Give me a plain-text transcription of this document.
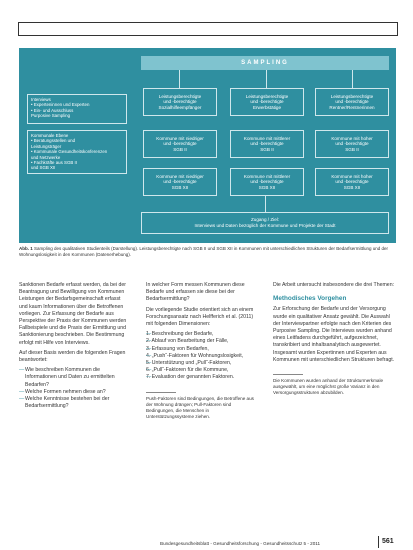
SAMPLING
Interviews
• Experteninnen und Experten
• Ein- und Ausschluss
Purposive Sampling
Kommunale Ebene
• Beratungsstellen und
Leistungsträger
• Kommunale Gesundheitskonferenzen
und Netzwerke
• Fachkräfte aus SGB II
und SGB XII
Leistungsberechtigte
und -berechtigte
Sozialhilfeempfänger
Leistungsberechtigte
und -berechtigte
Erwerbstätige
Leistungsberechtigte
und -berechtigte
Rentner/Rentnerinnen
Kommune mit niedriger
und -berechtigte
SGB II
Kommune mit mittlerer
und -berechtigte
SGB II
Kommune mit hoher
und -berechtigte
SGB II
Kommune mit niedriger
und -berechtigte
SGB XII
Kommune mit mittlerer
und -berechtigte
SGB XII
Kommune mit hoher
und -berechtigte
SGB XII
Zugang / Ziel:
Interviews und Daten bezüglich der Kommune und Projekte der Stadt
Abb. 1 Sampling des qualitativen Studienteils (Darstellung). Leistungsberechtigte nach SGB II und SGB XII in Kommunen mit unterschiedlichen Strukturen der Bedarfsermittlung und der Wohnungslosigkeit in den Kommunen (Datenerhebung).

Sanktionen Bedarfe erfasst werden, da bei der Beantragung und Bewilligung von Kommunen Leistungen der Bedarfsgemeinschaft erfasst und kaum Informationen über die Betroffenen vorliegen. Zur Erfassung der Bedarfe aus Perspektive der Praxis der Kommunen werden Fallbeispiele und die Praxis der Ermittlung und Sanktionierung beschrieben. Die Bestimmung erfolgt mit Hilfe von Interviews.

Auf dieser Basis werden die folgenden Fragen beantwortet:

— Wie beschreiben Kommunen die Informationen und Daten zu ermittelten Bedarfen?
— Welche Formen nehmen diese an?
— Welche Kenntnisse bestehen bei der Bedarfsermittlung?

In welcher Form messen Kommunen diese Bedarfe und erfassen sie diese bei der Bedarfsermittlung?

Die vorliegende Studie orientiert sich an einem Forschungsansatz nach Helfferich et al. (2011) mit folgenden Dimensionen:

— 1. Beschreibung der Bedarfe,
— 2. Ablauf von Bearbeitung der Fälle,
— 3. Erfassung von Bedarfen,
— 4. „Push“-Faktoren für Wohnungslosigkeit,
— 5. Unterstützung und „Pull“-Faktoren,
— 6. „Pull“-Faktoren für die Kommune,
— 7. Evaluation der genannten Faktoren.

Push-Faktoren sind Bedingungen, die Betroffene aus der Wohnung drängen; Pull-Faktoren sind Bedingungen, die Menschen in Unterstützungssysteme ziehen.

Die Arbeit untersucht insbesondere die drei Themen:

Methodisches Vorgehen

Zur Erforschung der Bedarfe und der Versorgung wurde ein qualitativer Ansatz gewählt. Die Auswahl der Interviewpartner erfolgte nach den Kriterien des Purposive Sampling. Die Interviews wurden anhand eines Leitfadens durchgeführt, aufgezeichnet, transkribiert und inhaltsanalytisch ausgewertet. Insgesamt wurden Expertinnen und Experten aus Kommunen mit unterschiedlichen Strukturen befragt.

Die Kommunen wurden anhand der Strukturmerkmale ausgewählt, um eine möglichst große Varianz in den Versorgungsstrukturen abzubilden.

Bundesgesundheitsblatt - Gesundheitsforschung - Gesundheitsschutz 5 - 2011	561
